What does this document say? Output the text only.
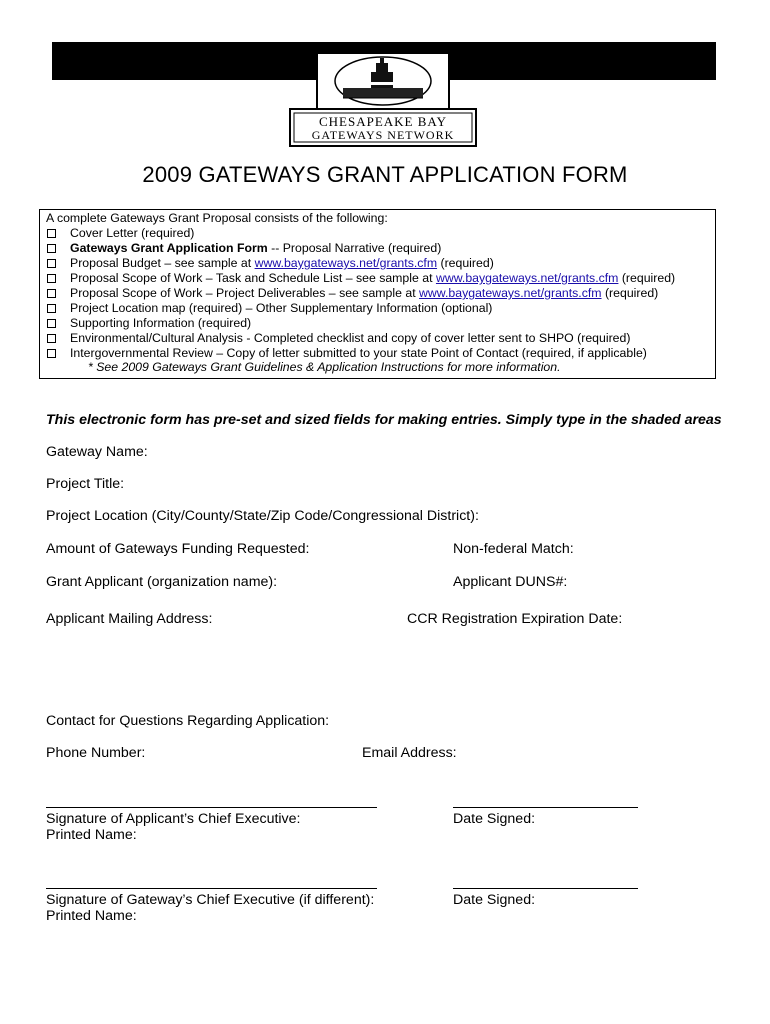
CHESAPEAKE BAY
GATEWAYS NETWORK
2009 GATEWAYS GRANT APPLICATION FORM
A complete Gateways Grant Proposal consists of the following:
Cover Letter (required)
Gateways Grant Application Form -- Proposal Narrative (required)
Proposal Budget – see sample at www.baygateways.net/grants.cfm (required)
Proposal Scope of Work – Task and Schedule List – see sample at www.baygateways.net/grants.cfm (required)
Proposal Scope of Work – Project Deliverables – see sample at www.baygateways.net/grants.cfm (required)
Project Location map (required) – Other Supplementary Information (optional)
Supporting Information (required)
Environmental/Cultural Analysis - Completed checklist and copy of cover letter sent to SHPO (required)
Intergovernmental Review – Copy of letter submitted to your state Point of Contact (required, if applicable)
* See 2009 Gateways Grant Guidelines & Application Instructions for more information.
This electronic form has pre-set and sized fields for making entries. Simply type in the shaded areas
Gateway Name:
Project Title:
Project Location (City/County/State/Zip Code/Congressional District):
Amount of Gateways Funding Requested:	Non-federal Match:
Grant Applicant (organization name):	Applicant DUNS#:
Applicant Mailing Address:	CCR Registration Expiration Date:
Contact for Questions Regarding Application:
Phone Number:	Email Address:
Signature of Applicant’s Chief Executive:
Printed Name:
Date Signed:
Signature of Gateway’s Chief Executive (if different):
Printed Name:
Date Signed:
